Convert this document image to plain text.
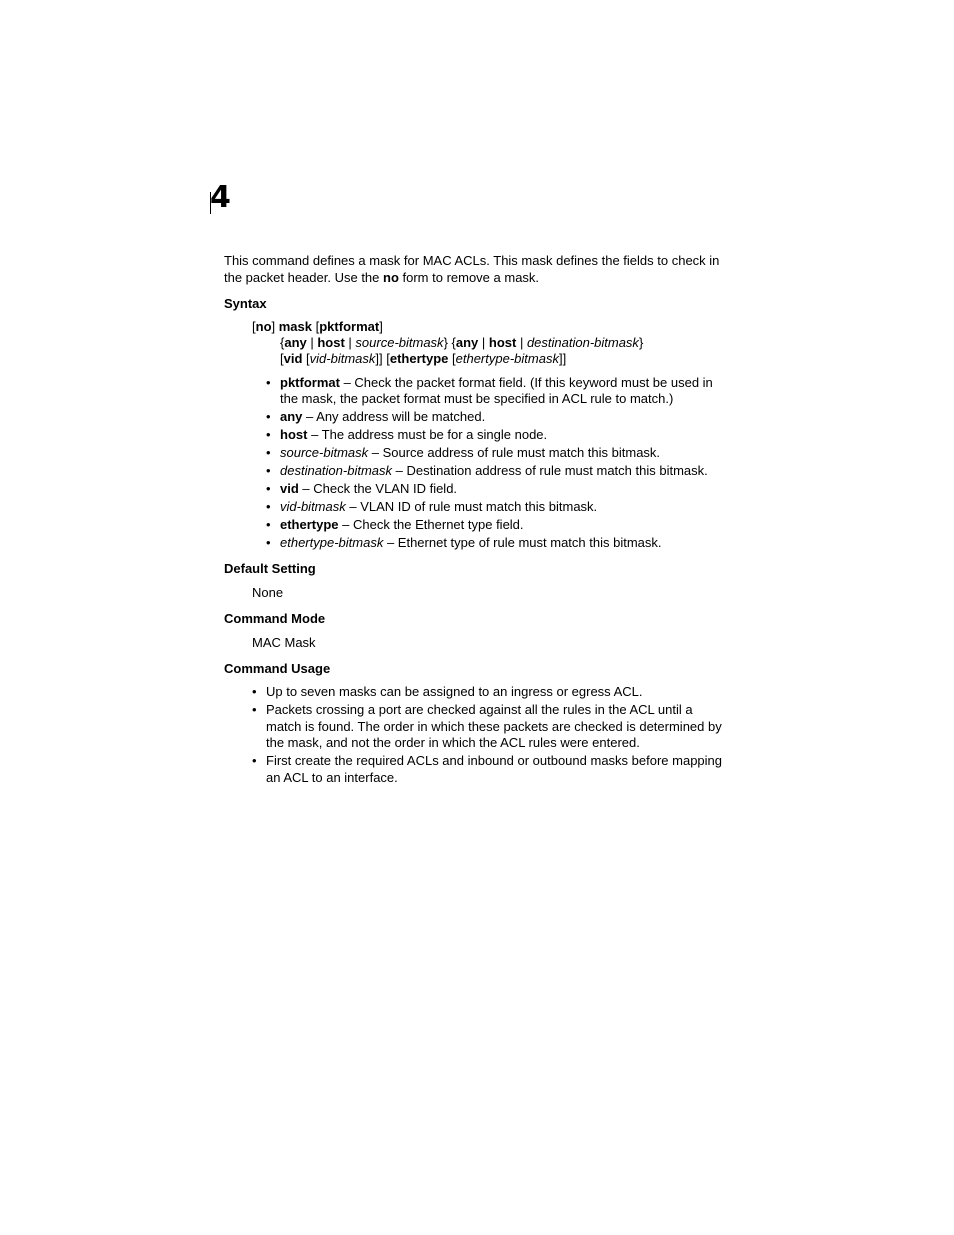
4

This command defines a mask for MAC ACLs. This mask defines the fields to check in the packet header. Use the no form to remove a mask.

Syntax

[no] mask [pktformat]
{any | host | source-bitmask} {any | host | destination-bitmask}
[vid [vid-bitmask]] [ethertype [ethertype-bitmask]]
• pktformat – Check the packet format field. (If this keyword must be used in the mask, the packet format must be specified in ACL rule to match.)
• any – Any address will be matched.
• host – The address must be for a single node.
• source-bitmask – Source address of rule must match this bitmask.
• destination-bitmask – Destination address of rule must match this bitmask.
• vid – Check the VLAN ID field.
• vid-bitmask – VLAN ID of rule must match this bitmask.
• ethertype – Check the Ethernet type field.
• ethertype-bitmask – Ethernet type of rule must match this bitmask.

Default Setting

None

Command Mode

MAC Mask

Command Usage

• Up to seven masks can be assigned to an ingress or egress ACL.
• Packets crossing a port are checked against all the rules in the ACL until a match is found. The order in which these packets are checked is determined by the mask, and not the order in which the ACL rules were entered.
• First create the required ACLs and inbound or outbound masks before mapping an ACL to an interface.
